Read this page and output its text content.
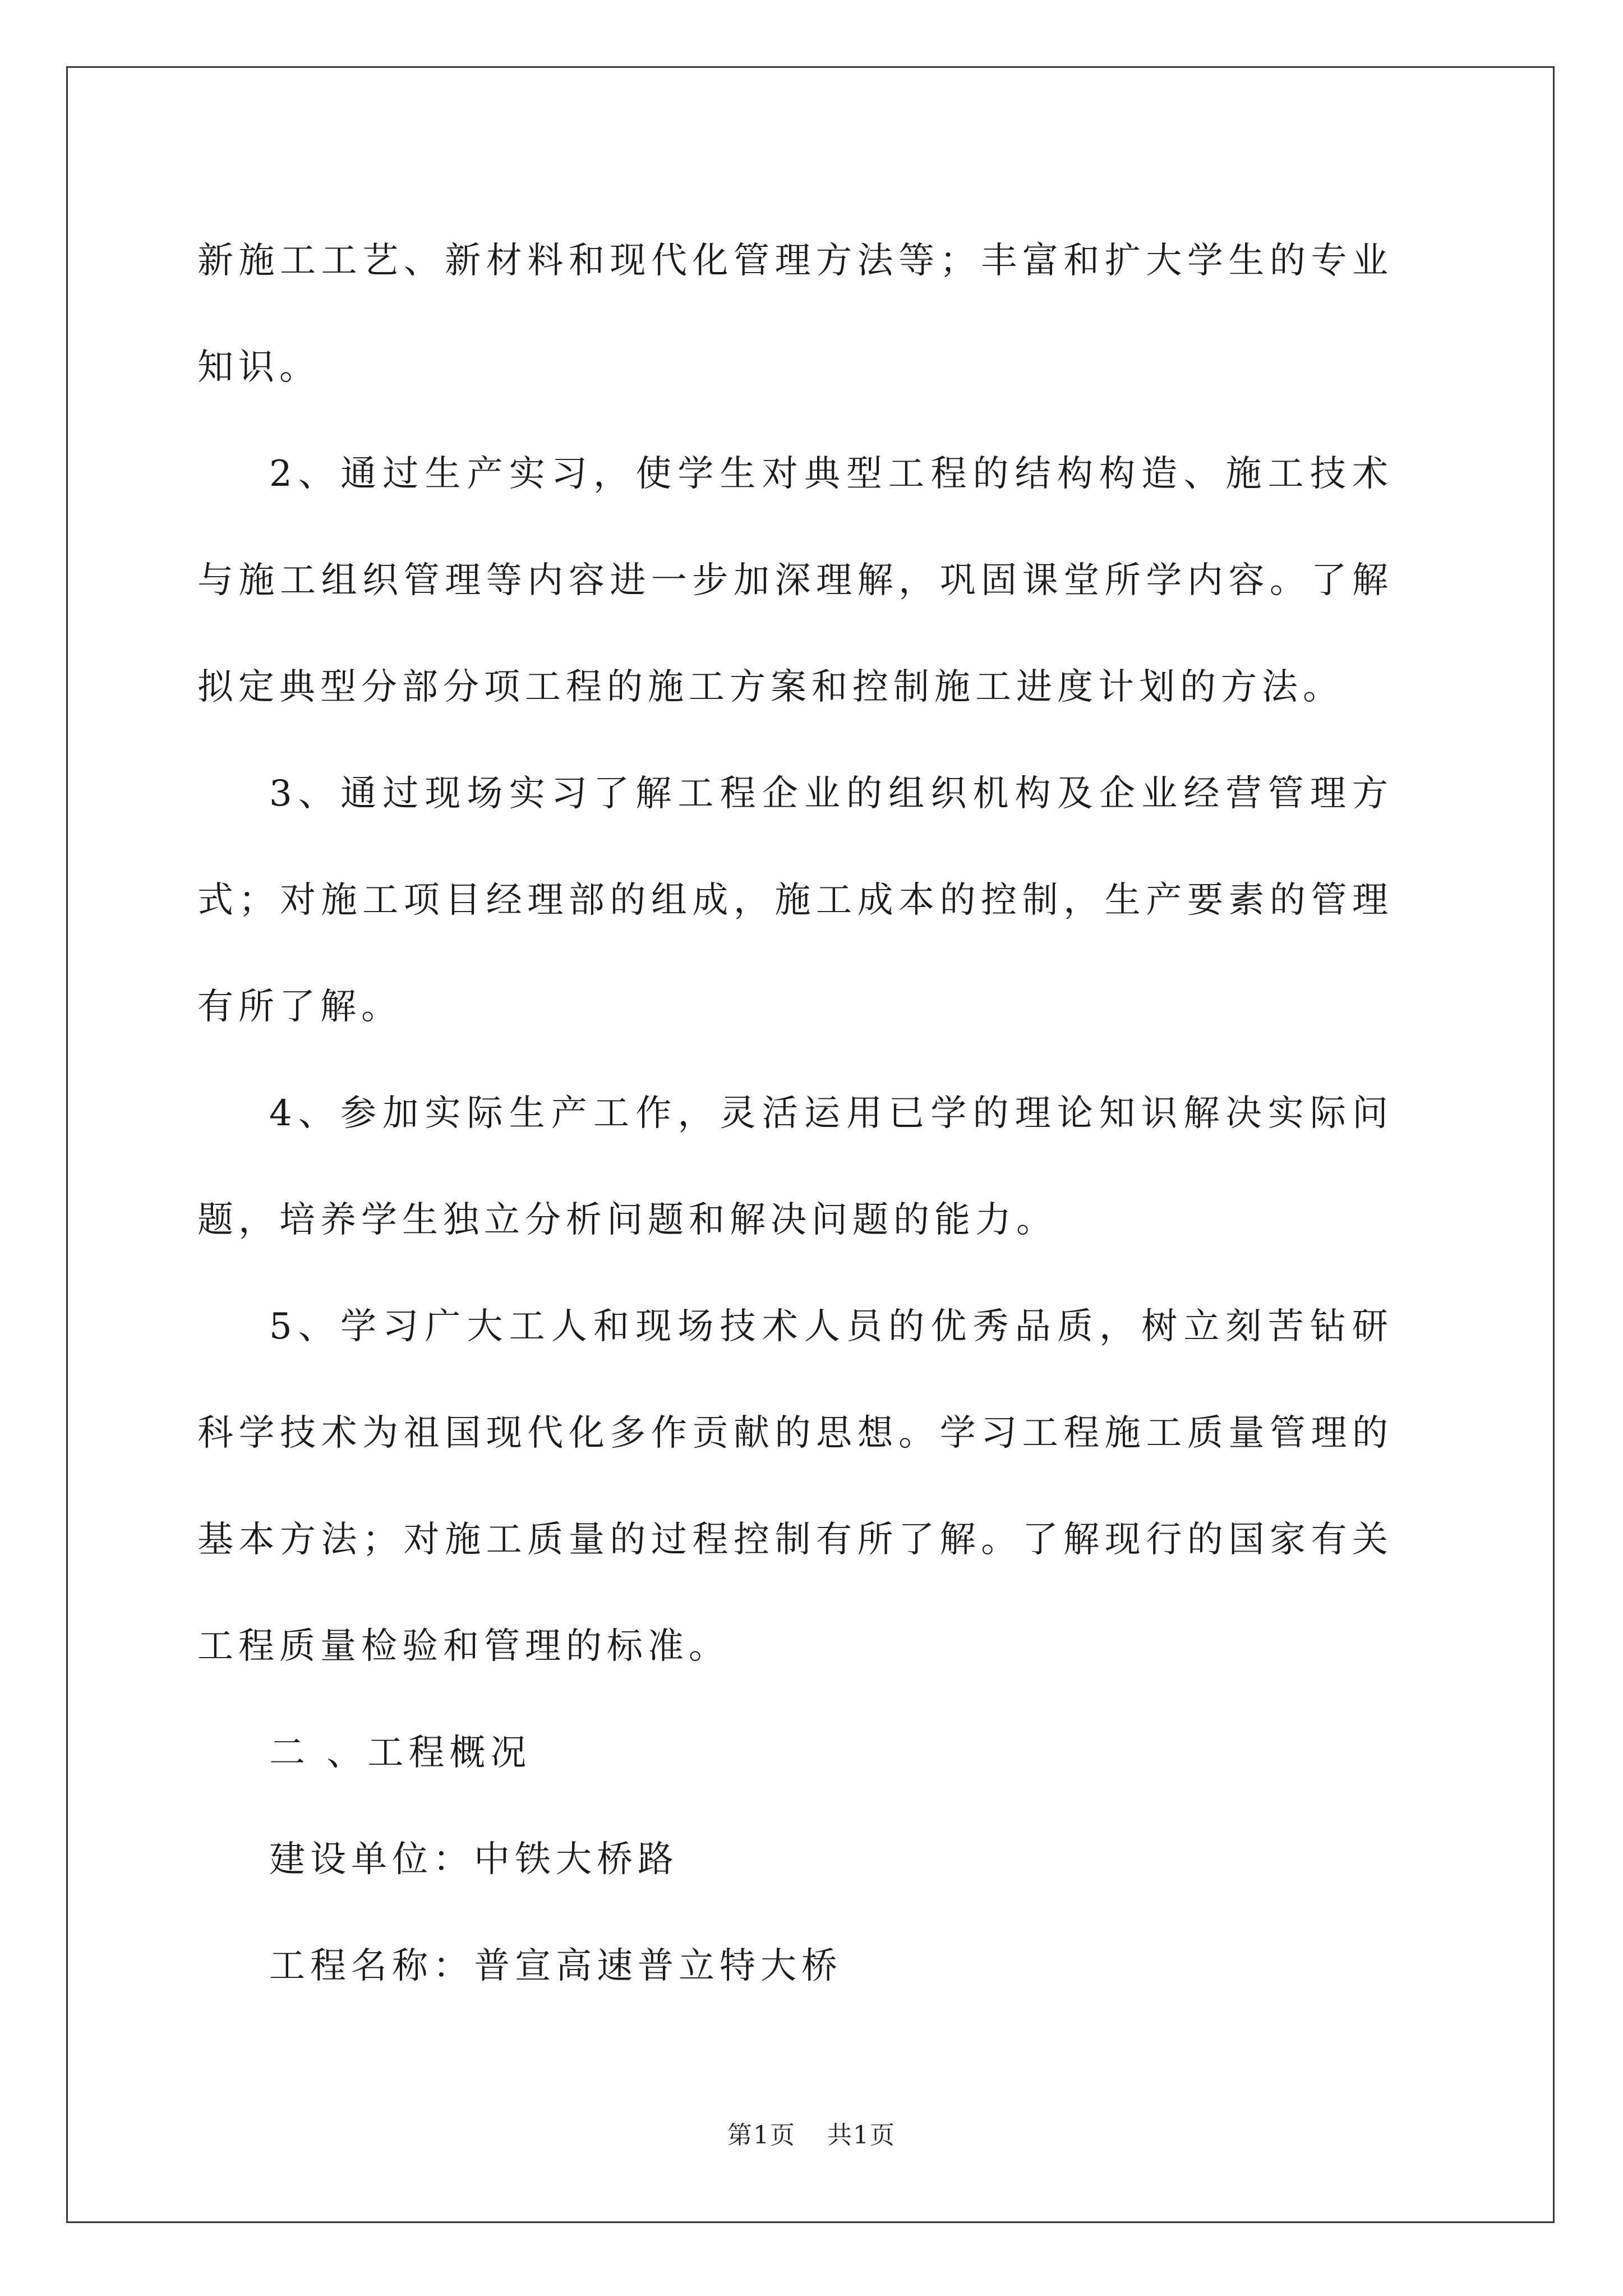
新施工工艺、新材料和现代化管理方法等；丰富和扩大学生的专业知识。

2、通过生产实习，使学生对典型工程的结构构造、施工技术与施工组织管理等内容进一步加深理解，巩固课堂所学内容。了解拟定典型分部分项工程的施工方案和控制施工进度计划的方法。

3、通过现场实习了解工程企业的组织机构及企业经营管理方式；对施工项目经理部的组成，施工成本的控制，生产要素的管理有所了解。

4、参加实际生产工作，灵活运用已学的理论知识解决实际问题，培养学生独立分析问题和解决问题的能力。

5、学习广大工人和现场技术人员的优秀品质，树立刻苦钻研科学技术为祖国现代化多作贡献的思想。学习工程施工质量管理的基本方法；对施工质量的过程控制有所了解。了解现行的国家有关工程质量检验和管理的标准。

二 、工程概况

建设单位：中铁大桥路

工程名称：普宣高速普立特大桥

第1页 共1页
